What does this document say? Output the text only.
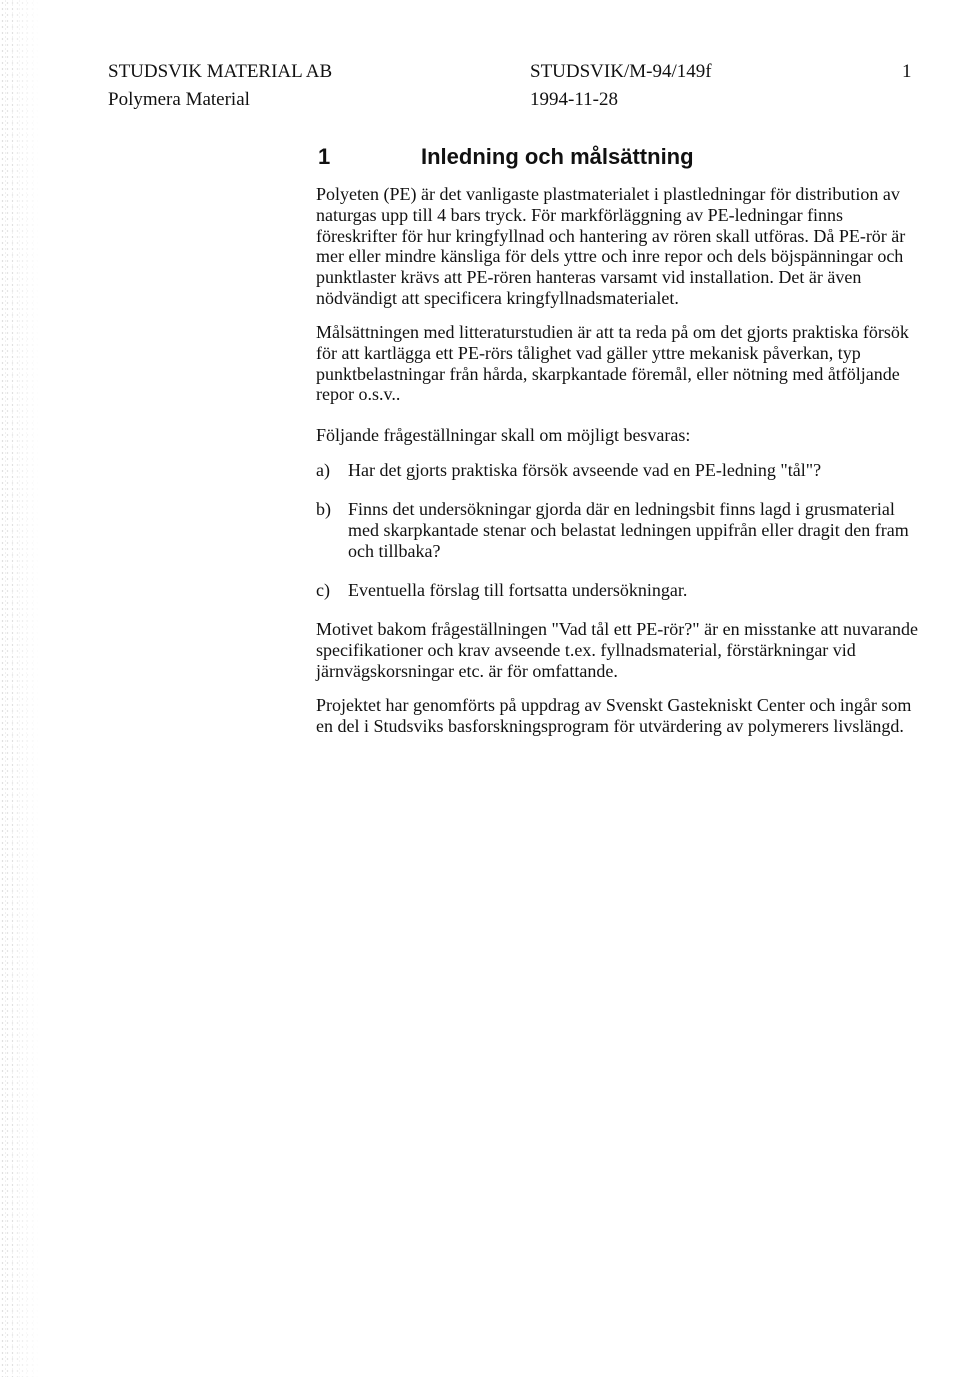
STUDSVIK MATERIAL AB
Polymera Material
STUDSVIK/M-94/149f
1994-11-28
1
1	Inledning och målsättning

Polyeten (PE) är det vanligaste plastmaterialet i plastledningar för distribution av naturgas upp till 4 bars tryck. För markförläggning av PE-ledningar finns föreskrifter för hur kringfyllnad och hantering av rören skall utföras. Då PE-rör är mer eller mindre känsliga för dels yttre och inre repor och dels böjspänningar och punktlaster krävs att PE-rören hanteras varsamt vid installation. Det är även nödvändigt att specificera kringfyllnadsmaterialet.

Målsättningen med litteraturstudien är att ta reda på om det gjorts praktiska försök för att kartlägga ett PE-rörs tålighet vad gäller yttre mekanisk påverkan, typ punktbelastningar från hårda, skarpkantade föremål, eller nötning med åtföljande repor o.s.v..

Följande frågeställningar skall om möjligt besvaras:

a) Har det gjorts praktiska försök avseende vad en PE-ledning "tål"?
b) Finns det undersökningar gjorda där en ledningsbit finns lagd i grusmaterial med skarpkantade stenar och belastat ledningen uppifrån eller dragit den fram och tillbaka?
c) Eventuella förslag till fortsatta undersökningar.

Motivet bakom frågeställningen "Vad tål ett PE-rör?" är en misstanke att nuvarande specifikationer och krav avseende t.ex. fyllnadsmaterial, förstärkningar vid järnvägskorsningar etc. är för omfattande.

Projektet har genomförts på uppdrag av Svenskt Gastekniskt Center och ingår som en del i Studsviks basforskningsprogram för utvärdering av polymerers livslängd.
